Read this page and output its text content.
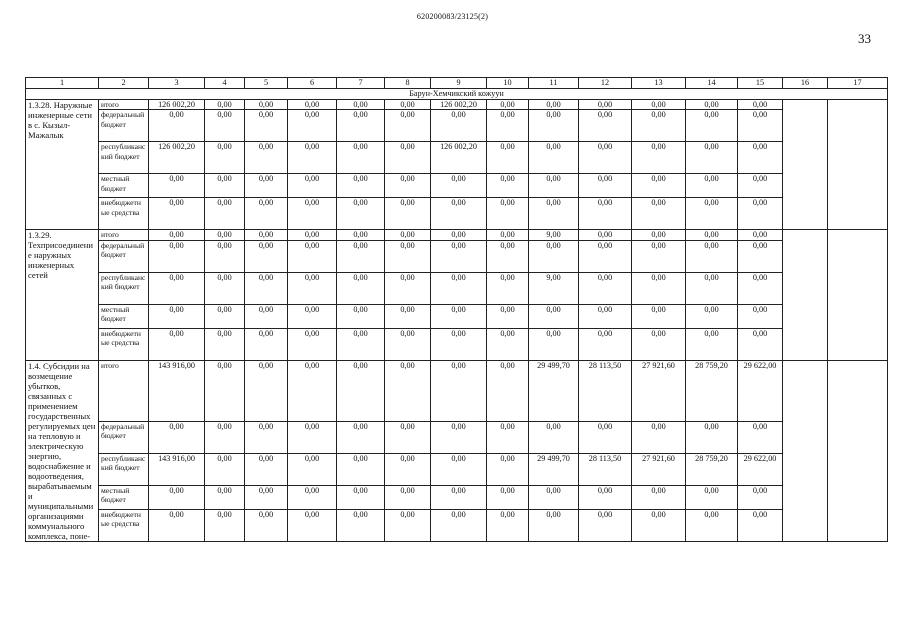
620200083/23125(2)
33
1	2	3	4	5	6	7	8	9	10	11	12	13	14	15	16	17
Барун-Хемчикский кожуун																
1.3.28. Наружные инженерные сети в с. Кызыл-Мажалык	итого	126 002,20	0,00	0,00	0,00	0,00	0,00	126 002,20	0,00	0,00	0,00	0,00	0,00	0,00		
	федеральный бюджет	0,00	0,00	0,00	0,00	0,00	0,00	0,00	0,00	0,00	0,00	0,00	0,00	0,00		
	республиканский бюджет	126 002,20	0,00	0,00	0,00	0,00	0,00	126 002,20	0,00	0,00	0,00	0,00	0,00	0,00		
	местный бюджет	0,00	0,00	0,00	0,00	0,00	0,00	0,00	0,00	0,00	0,00	0,00	0,00	0,00		
	внебюджетные средства	0,00	0,00	0,00	0,00	0,00	0,00	0,00	0,00	0,00	0,00	0,00	0,00	0,00		
1.3.29. Техприсоединение наружных инженерных сетей	итого	0,00	0,00	0,00	0,00	0,00	0,00	0,00	0,00	9,00	0,00	0,00	0,00	0,00		
	федеральный бюджет	0,00	0,00	0,00	0,00	0,00	0,00	0,00	0,00	0,00	0,00	0,00	0,00	0,00		
	республиканский бюджет	0,00	0,00	0,00	0,00	0,00	0,00	0,00	0,00	9,00	0,00	0,00	0,00	0,00		
	местный бюджет	0,00	0,00	0,00	0,00	0,00	0,00	0,00	0,00	0,00	0,00	0,00	0,00	0,00		
	внебюджетные средства	0,00	0,00	0,00	0,00	0,00	0,00	0,00	0,00	0,00	0,00	0,00	0,00	0,00		
1.4. Субсидии на возмещение убытков, связанных с применением государственных регулируемых цен на тепловую и электрическую энергию, водоснабжение и водоотведения, вырабатываемыми муниципальными организациями коммунального комплекса, поне-	итого	143 916,00	0,00	0,00	0,00	0,00	0,00	0,00	0,00	29 499,70	28 113,50	27 921,60	28 759,20	29 622,00		
	федеральный бюджет	0,00	0,00	0,00	0,00	0,00	0,00	0,00	0,00	0,00	0,00	0,00	0,00	0,00		
	республиканский бюджет	143 916,00	0,00	0,00	0,00	0,00	0,00	0,00	0,00	29 499,70	28 113,50	27 921,60	28 759,20	29 622,00		
	местный бюджет	0,00	0,00	0,00	0,00	0,00	0,00	0,00	0,00	0,00	0,00	0,00	0,00	0,00		
	внебюджетные средства	0,00	0,00	0,00	0,00	0,00	0,00	0,00	0,00	0,00	0,00	0,00	0,00	0,00		
